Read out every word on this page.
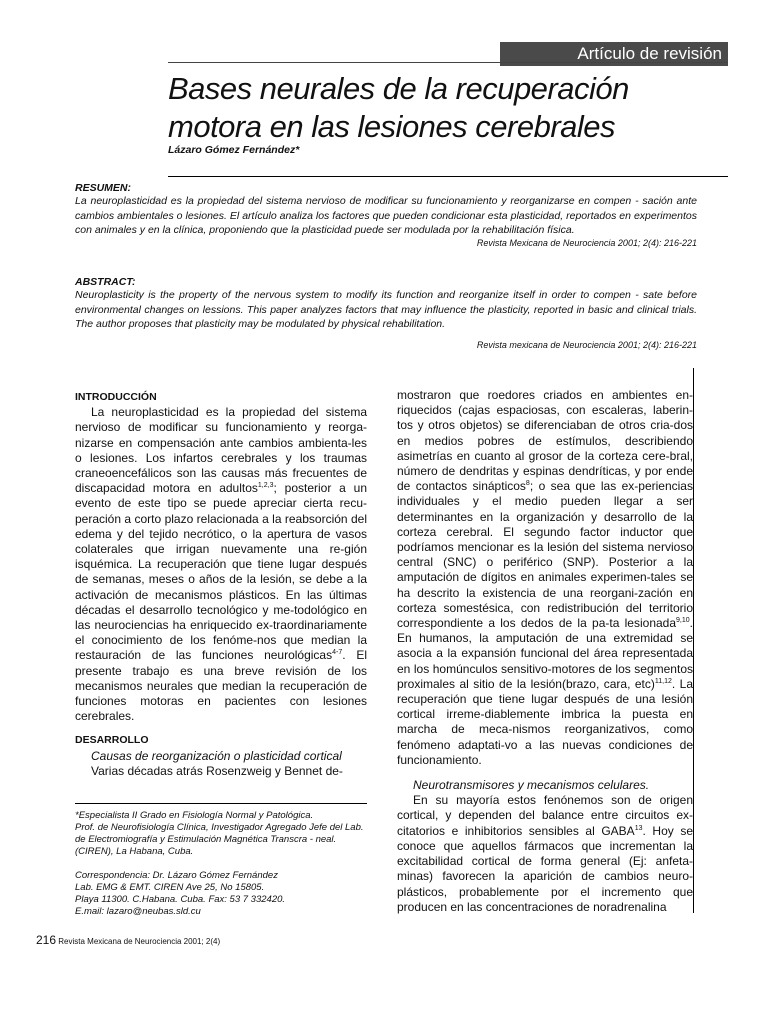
Artículo de revisión
Bases neurales de la recuperación
motora en las lesiones cerebrales
Lázaro Gómez Fernández*
RESUMEN:
La neuroplasticidad es la propiedad del sistema nervioso de modificar su funcionamiento y reorganizarse en compen - sación ante cambios ambientales o lesiones. El artículo analiza los factores que pueden condicionar esta plasticidad, reportados en experimentos con animales y en la clínica, proponiendo que la plasticidad puede ser modulada por la rehabilitación física.
Revista Mexicana de Neurociencia 2001; 2(4): 216-221
ABSTRACT:
Neuroplasticity is the property of the nervous system to modify its function and reorganize itself in order to compen - sate before environmental changes on lessions. This paper analyzes factors that may influence the plasticity, reported in basic and clinical trials. The author proposes that plasticity may be modulated by physical rehabilitation.
Revista mexicana de Neurociencia 2001; 2(4): 216-221
INTRODUCCIÓN

La neuroplasticidad es la propiedad del sistema nervioso de modificar su funcionamiento y reorga-nizarse en compensación ante cambios ambienta-les o lesiones. Los infartos cerebrales y los traumas craneoencefálicos son las causas más frecuentes de discapacidad motora en adultos$^{1,2,3}$; posterior a un evento de este tipo se puede apreciar cierta recu-peración a corto plazo relacionada a la reabsorción del edema y del tejido necrótico, o la apertura de vasos colaterales que irrigan nuevamente una re-gión isquémica. La recuperación que tiene lugar después de semanas, meses o años de la lesión, se debe a la activación de mecanismos plásticos. En las últimas décadas el desarrollo tecnológico y me-todológico en las neurociencias ha enriquecido ex-traordinariamente el conocimiento de los fenóme-nos que median la restauración de las funciones neurológicas$^{4-7}$. El presente trabajo es una breve revisión de los mecanismos neurales que median la recuperación de funciones motoras en pacientes con lesiones cerebrales.

DESARROLLO

Causas de reorganización o plasticidad cortical

Varias décadas atrás Rosenzweig y Bennet de-

*Especialista II Grado en Fisiología Normal y Patológica.

Prof. de Neurofisiología Clínica, Investigador Agregado Jefe del Lab. de Electromiografía y Estimulación Magnética Transcra - neal. (CIREN), La Habana, Cuba.

Correspondencia: Dr. Lázaro Gómez Fernández

Lab. EMG & EMT. CIREN Ave 25, No 15805.

Playa 11300. C.Habana. Cuba. Fax: 53 7 332420.

E.mail: lazaro@neubas.sld.cu

mostraron que roedores criados en ambientes en-riquecidos (cajas espaciosas, con escaleras, laberin-tos y otros objetos) se diferenciaban de otros cria-dos en medios pobres de estímulos, describiendo asimetrías en cuanto al grosor de la corteza cere-bral, número de dendritas y espinas dendríticas, y por ende de contactos sinápticos$^8$; o sea que las ex-periencias individuales y el medio pueden llegar a ser determinantes en la organización y desarrollo de la corteza cerebral. El segundo factor inductor que podríamos mencionar es la lesión del sistema nervioso central (SNC) o periférico (SNP). Posterior a la amputación de dígitos en animales experimen-tales se ha descrito la existencia de una reorgani-zación en corteza somestésica, con redistribución del territorio correspondiente a los dedos de la pa-ta lesionada$^{9,10}$. En humanos, la amputación de una extremidad se asocia a la expansión funcional del área representada en los homúnculos sensitivo-motores de los segmentos proximales al sitio de la lesión(brazo, cara, etc)$^{11,12}$. La recuperación que tiene lugar después de una lesión cortical irreme-diablemente imbrica la puesta en marcha de meca-nismos reorganizativos, como fenómeno adaptati-vo a las nuevas condiciones de funcionamiento.

Neurotransmisores y mecanismos celulares.

En su mayoría estos fenónemos son de origen cortical, y dependen del balance entre circuitos ex-citatorios e inhibitorios sensibles al GABA$^{13}$. Hoy se conoce que aquellos fármacos que incrementan la excitabilidad cortical de forma general (Ej: anfeta-minas) favorecen la aparición de cambios neuro-plásticos, probablemente por el incremento que producen en las concentraciones de noradrenalina

216 Revista Mexicana de Neurociencia 2001; 2(4)
